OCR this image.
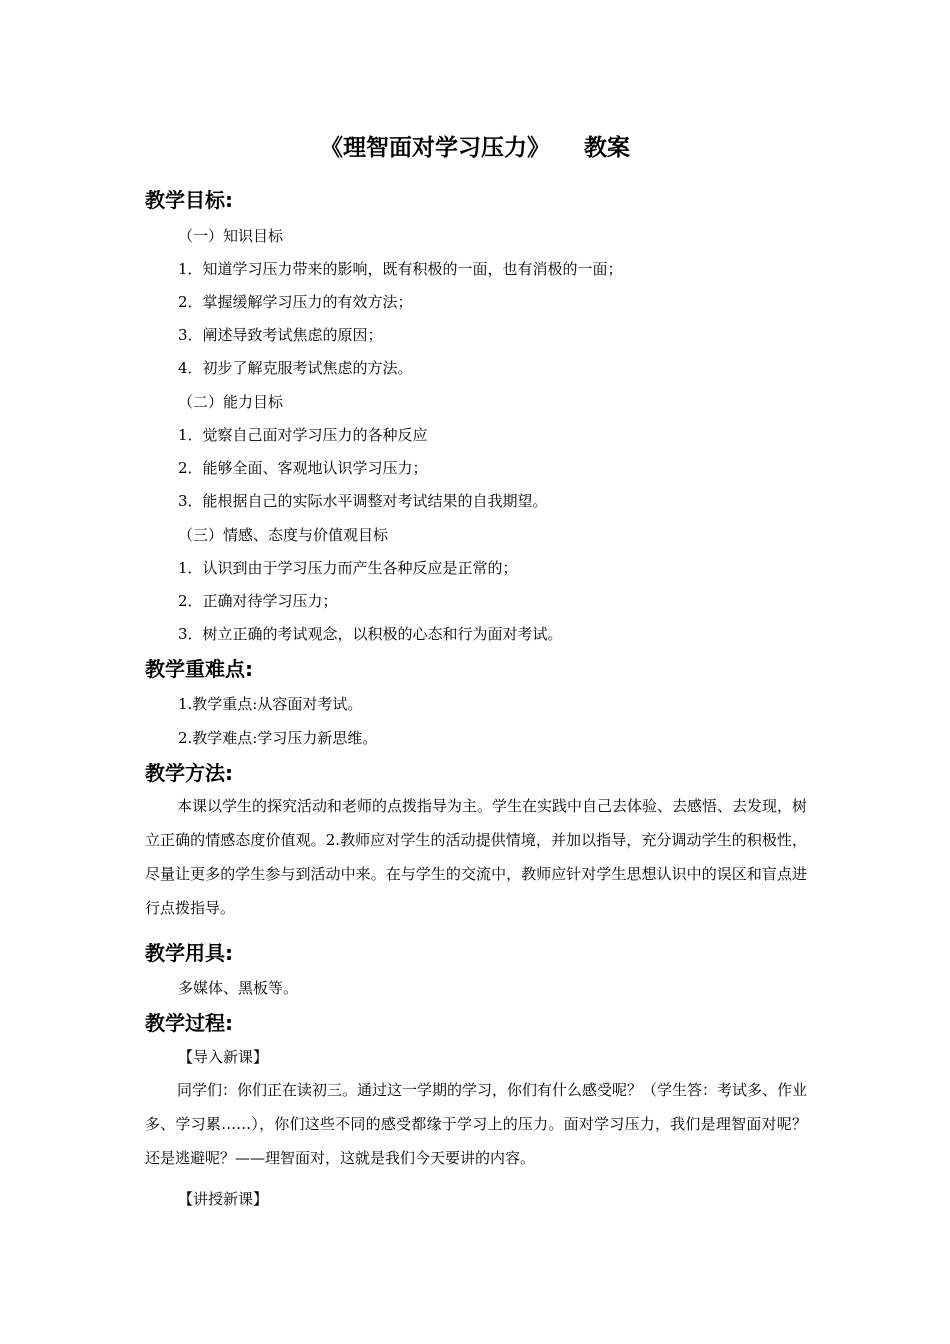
《理智面对学习压力》 教案
教学目标:
（一）知识目标
1．知道学习压力带来的影响，既有积极的一面，也有消极的一面；
2．掌握缓解学习压力的有效方法；
3．阐述导致考试焦虑的原因；
4．初步了解克服考试焦虑的方法。
（二）能力目标
1．觉察自己面对学习压力的各种反应
2．能够全面、客观地认识学习压力；
3．能根据自己的实际水平调整对考试结果的自我期望。
（三）情感、态度与价值观目标
1．认识到由于学习压力而产生各种反应是正常的；
2．正确对待学习压力；
3．树立正确的考试观念，以积极的心态和行为面对考试。
教学重难点:
1.教学重点:从容面对考试。
2.教学难点:学习压力新思维。
教学方法:

本课以学生的探究活动和老师的点拨指导为主。学生在实践中自己去体验、去感悟、去发现，树立正确的情感态度价值观。2.教师应对学生的活动提供情境，并加以指导，充分调动学生的积极性，尽量让更多的学生参与到活动中来。在与学生的交流中，教师应针对学生思想认识中的误区和盲点进行点拨指导。

教学用具:
多媒体、黑板等。
教学过程:
【导入新课】

同学们：你们正在读初三。通过这一学期的学习，你们有什么感受呢？（学生答：考试多、作业多、学习累……），你们这些不同的感受都缘于学习上的压力。面对学习压力，我们是理智面对呢？还是逃避呢？——理智面对，这就是我们今天要讲的内容。

【讲授新课】
